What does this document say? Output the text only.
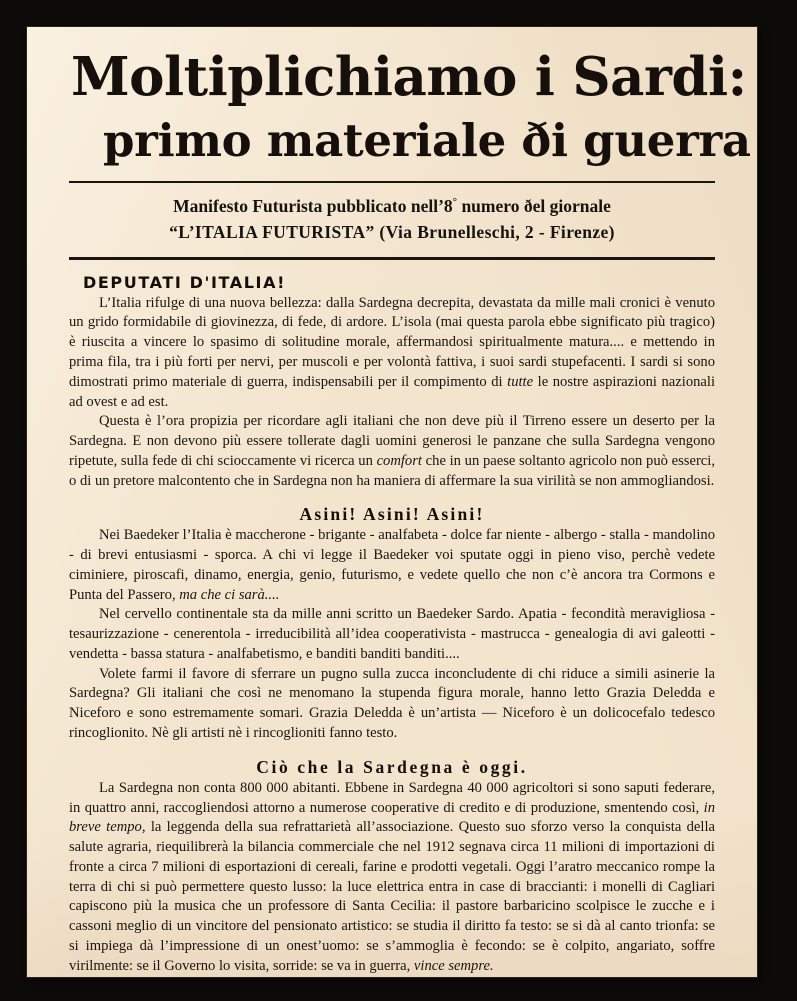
Moltiplichiamo i Sardi:
primo materiale ði guerra
Manifesto Futurista pubblicato nell’8° numero ðel giornale
“L’ITALIA FUTURISTA” (Via Brunelleschi, 2 - Firenze)
DEPUTATI D'ITALIA!

L’Italia rifulge di una nuova bellezza: dalla Sardegna decrepita, devastata da mille mali cronici è venuto un grido formidabile di giovinezza, di fede, di ardore. L’isola (mai questa parola ebbe significato più tragico) è riuscita a vincere lo spasimo di solitudine morale, affermandosi spiritualmente matura.... e mettendo in prima fila, tra i più forti per nervi, per muscoli e per volontà fattiva, i suoi sardi stupefacenti. I sardi si sono dimostrati primo materiale di guerra, indispensabili per il compimento di tutte le nostre aspirazioni nazionali ad ovest e ad est.

Questa è l’ora propizia per ricordare agli italiani che non deve più il Tirreno essere un deserto per la Sardegna. E non devono più essere tollerate dagli uomini generosi le panzane che sulla Sardegna vengono ripetute, sulla fede di chi scioccamente vi ricerca un comfort che in un paese soltanto agricolo non può esserci, o di un pretore malcontento che in Sardegna non ha maniera di affermare la sua virilità se non ammogliandosi.

Asini! Asini! Asini!

Nei Baedeker l’Italia è maccherone - brigante - analfabeta - dolce far niente - albergo - stalla - mandolino - di brevi entusiasmi - sporca. A chi vi legge il Baedeker voi sputate oggi in pieno viso, perchè vedete ciminiere, piroscafi, dinamo, energia, genio, futurismo, e vedete quello che non c’è ancora tra Cormons e Punta del Passero, ma che ci sarà....

Nel cervello continentale sta da mille anni scritto un Baedeker Sardo. Apatia - fecondità meravigliosa - tesaurizzazione - cenerentola - irreducibilità all’idea cooperativista - mastrucca - genealogia di avi galeotti - vendetta - bassa statura - analfabetismo, e banditi banditi banditi....

Volete farmi il favore di sferrare un pugno sulla zucca inconcludente di chi riduce a simili asinerie la Sardegna? Gli italiani che così ne menomano la stupenda figura morale, hanno letto Grazia Deledda e Niceforo e sono estremamente somari. Grazia Deledda è un’artista — Niceforo è un dolicocefalo tedesco rincoglionito. Nè gli artisti nè i rincoglioniti fanno testo.

Ciò che la Sardegna è oggi.

La Sardegna non conta 800 000 abitanti. Ebbene in Sardegna 40 000 agricoltori si sono saputi federare, in quattro anni, raccogliendosi attorno a numerose cooperative di credito e di produzione, smentendo così, in breve tempo, la leggenda della sua refrattarietà all’associazione. Questo suo sforzo verso la conquista della salute agraria, riequilibrerà la bilancia commerciale che nel 1912 segnava circa 11 milioni di importazioni di fronte a circa 7 milioni di esportazioni di cereali, farine e prodotti vegetali. Oggi l’aratro meccanico rompe la terra di chi si può permettere questo lusso: la luce elettrica entra in case di braccianti: i monelli di Cagliari capiscono più la musica che un professore di Santa Cecilia: il pastore barbaricino scolpisce le zucche e i cassoni meglio di un vincitore del pensionato artistico: se studia il diritto fa testo: se si dà al canto trionfa: se si impiega dà l’impressione di un onest’uomo: se s’ammoglia è fecondo: se è colpito, angariato, soffre virilmente: se il Governo lo visita, sorride: se va in guerra, vince sempre.
